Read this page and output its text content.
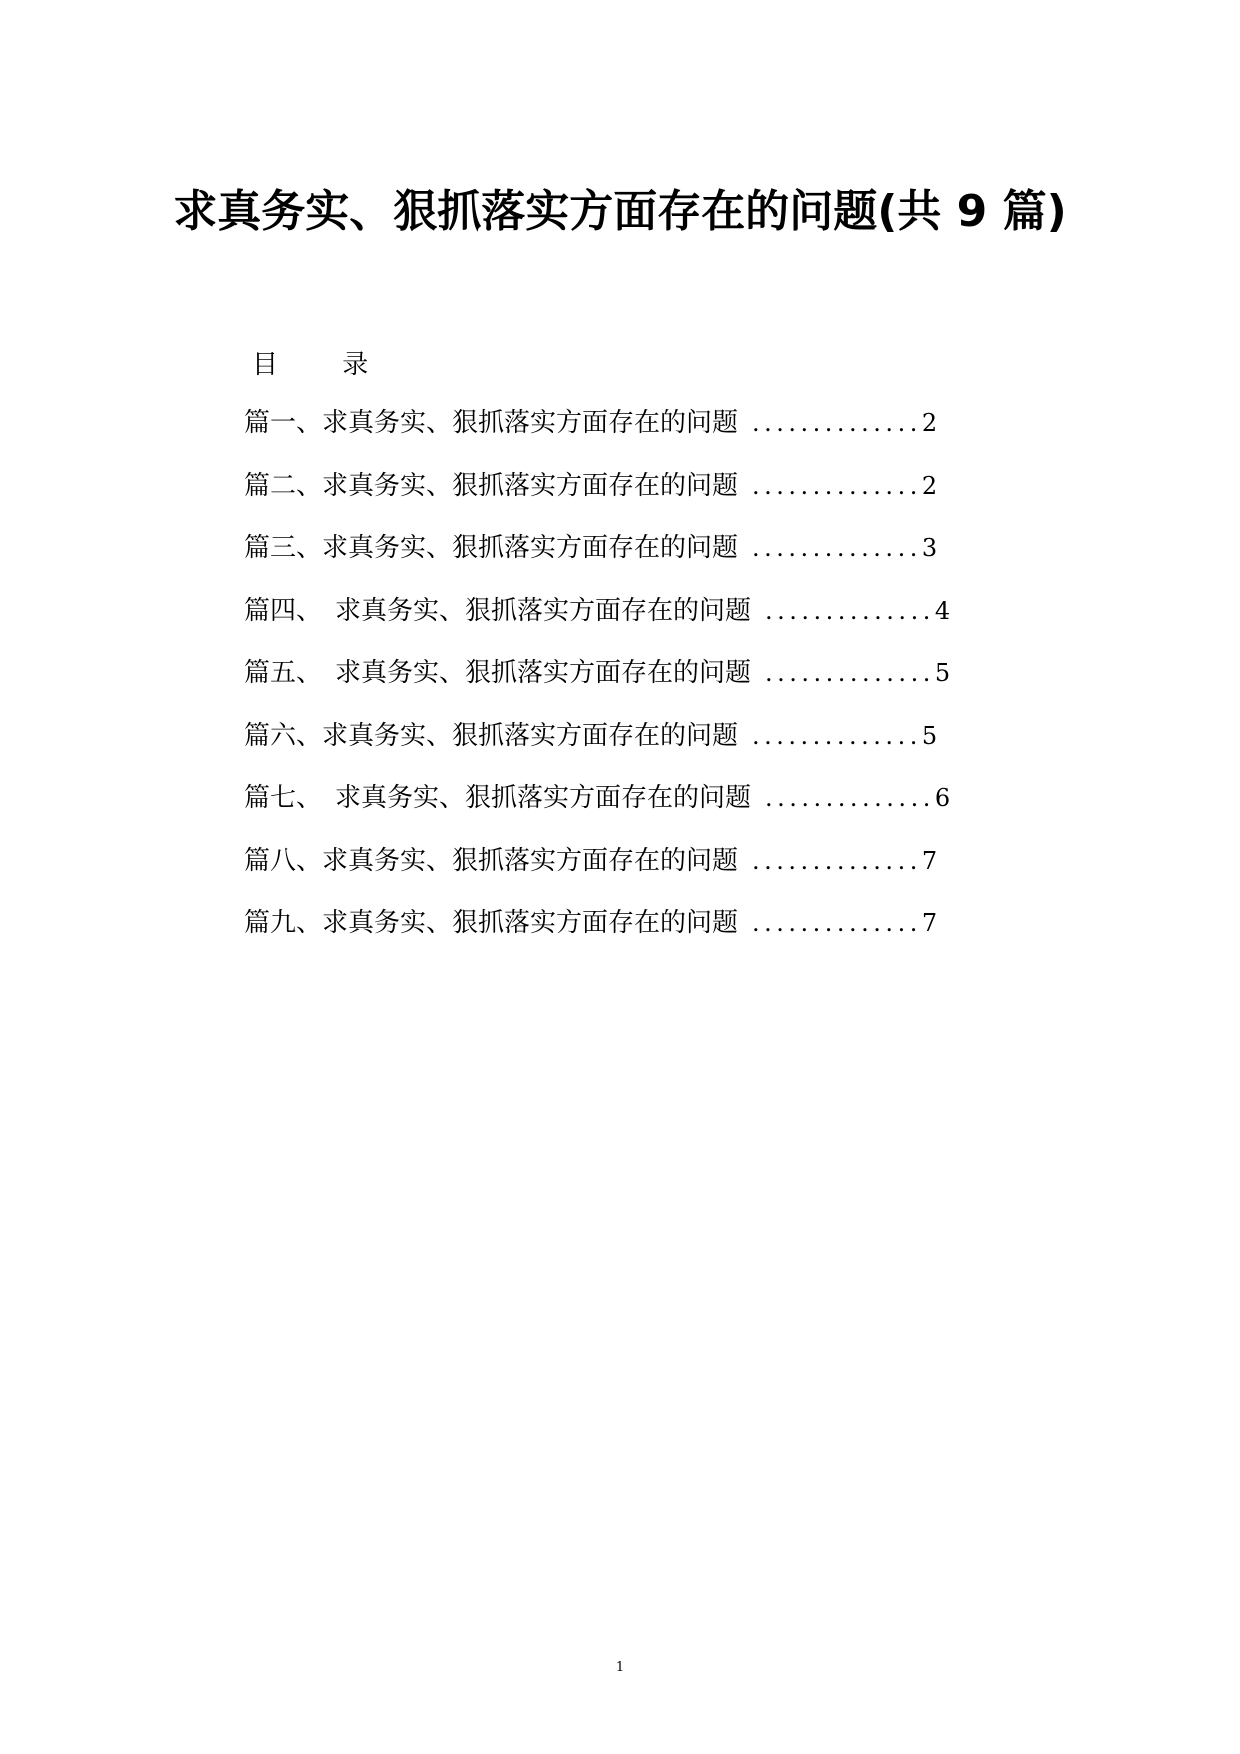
求真务实、狠抓落实方面存在的问题(共 9 篇)
目 录
篇一、求真务实、狠抓落实方面存在的问题 .............. 2
篇二、求真务实、狠抓落实方面存在的问题 .............. 2
篇三、求真务实、狠抓落实方面存在的问题 .............. 3
篇四、　求真务实、狠抓落实方面存在的问题 .............. 4
篇五、　求真务实、狠抓落实方面存在的问题 .............. 5
篇六、求真务实、狠抓落实方面存在的问题 .............. 5
篇七、　求真务实、狠抓落实方面存在的问题 .............. 6
篇八、求真务实、狠抓落实方面存在的问题 .............. 7
篇九、求真务实、狠抓落实方面存在的问题 .............. 7
1
